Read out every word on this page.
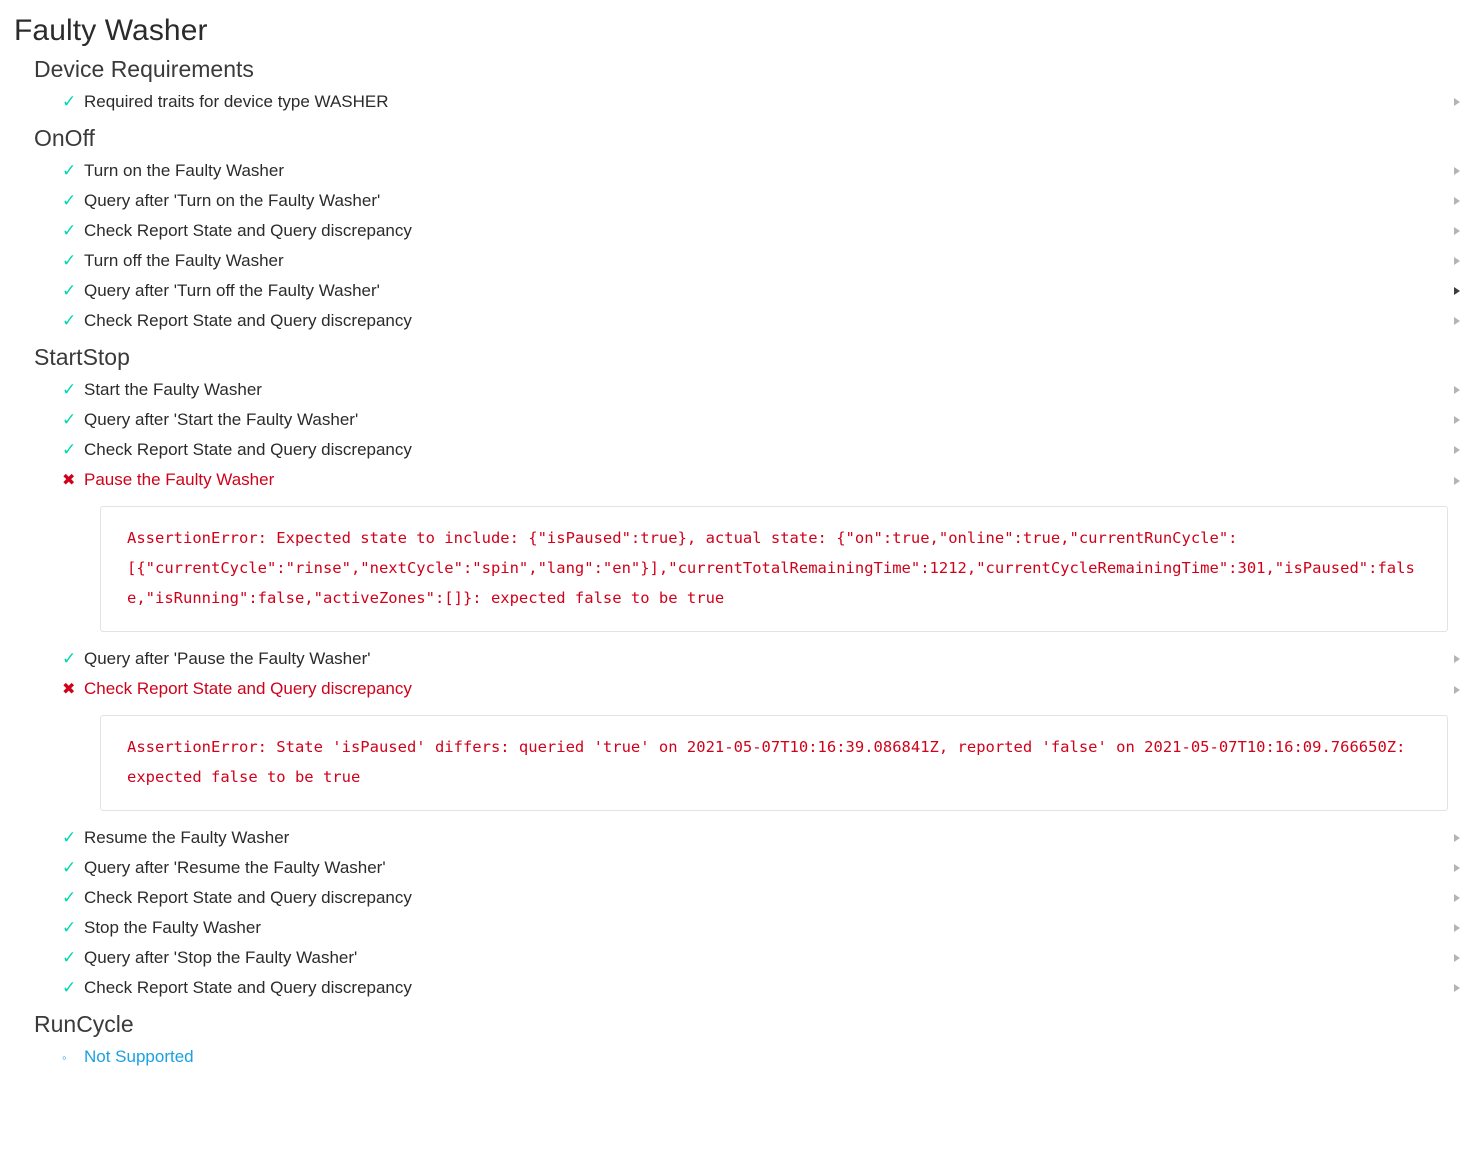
Faulty Washer
Device Requirements
✓ Required traits for device type WASHER
OnOff
✓ Turn on the Faulty Washer
✓ Query after 'Turn on the Faulty Washer'
✓ Check Report State and Query discrepancy
✓ Turn off the Faulty Washer
✓ Query after 'Turn off the Faulty Washer'
✓ Check Report State and Query discrepancy
StartStop
✓ Start the Faulty Washer
✓ Query after 'Start the Faulty Washer'
✓ Check Report State and Query discrepancy
✖ Pause the Faulty Washer
AssertionError: Expected state to include: {"isPaused":true}, actual state: {"on":true,"online":true,"currentRunCycle":[{"currentCycle":"rinse","nextCycle":"spin","lang":"en"}],"currentTotalRemainingTime":1212,"currentCycleRemainingTime":301,"isPaused":false,"isRunning":false,"activeZones":[]}: expected false to be true
✓ Query after 'Pause the Faulty Washer'
✖ Check Report State and Query discrepancy
AssertionError: State 'isPaused' differs: queried 'true' on 2021-05-07T10:16:39.086841Z, reported 'false' on 2021-05-07T10:16:09.766650Z: expected false to be true
✓ Resume the Faulty Washer
✓ Query after 'Resume the Faulty Washer'
✓ Check Report State and Query discrepancy
✓ Stop the Faulty Washer
✓ Query after 'Stop the Faulty Washer'
✓ Check Report State and Query discrepancy
RunCycle
◦	Not Supported
